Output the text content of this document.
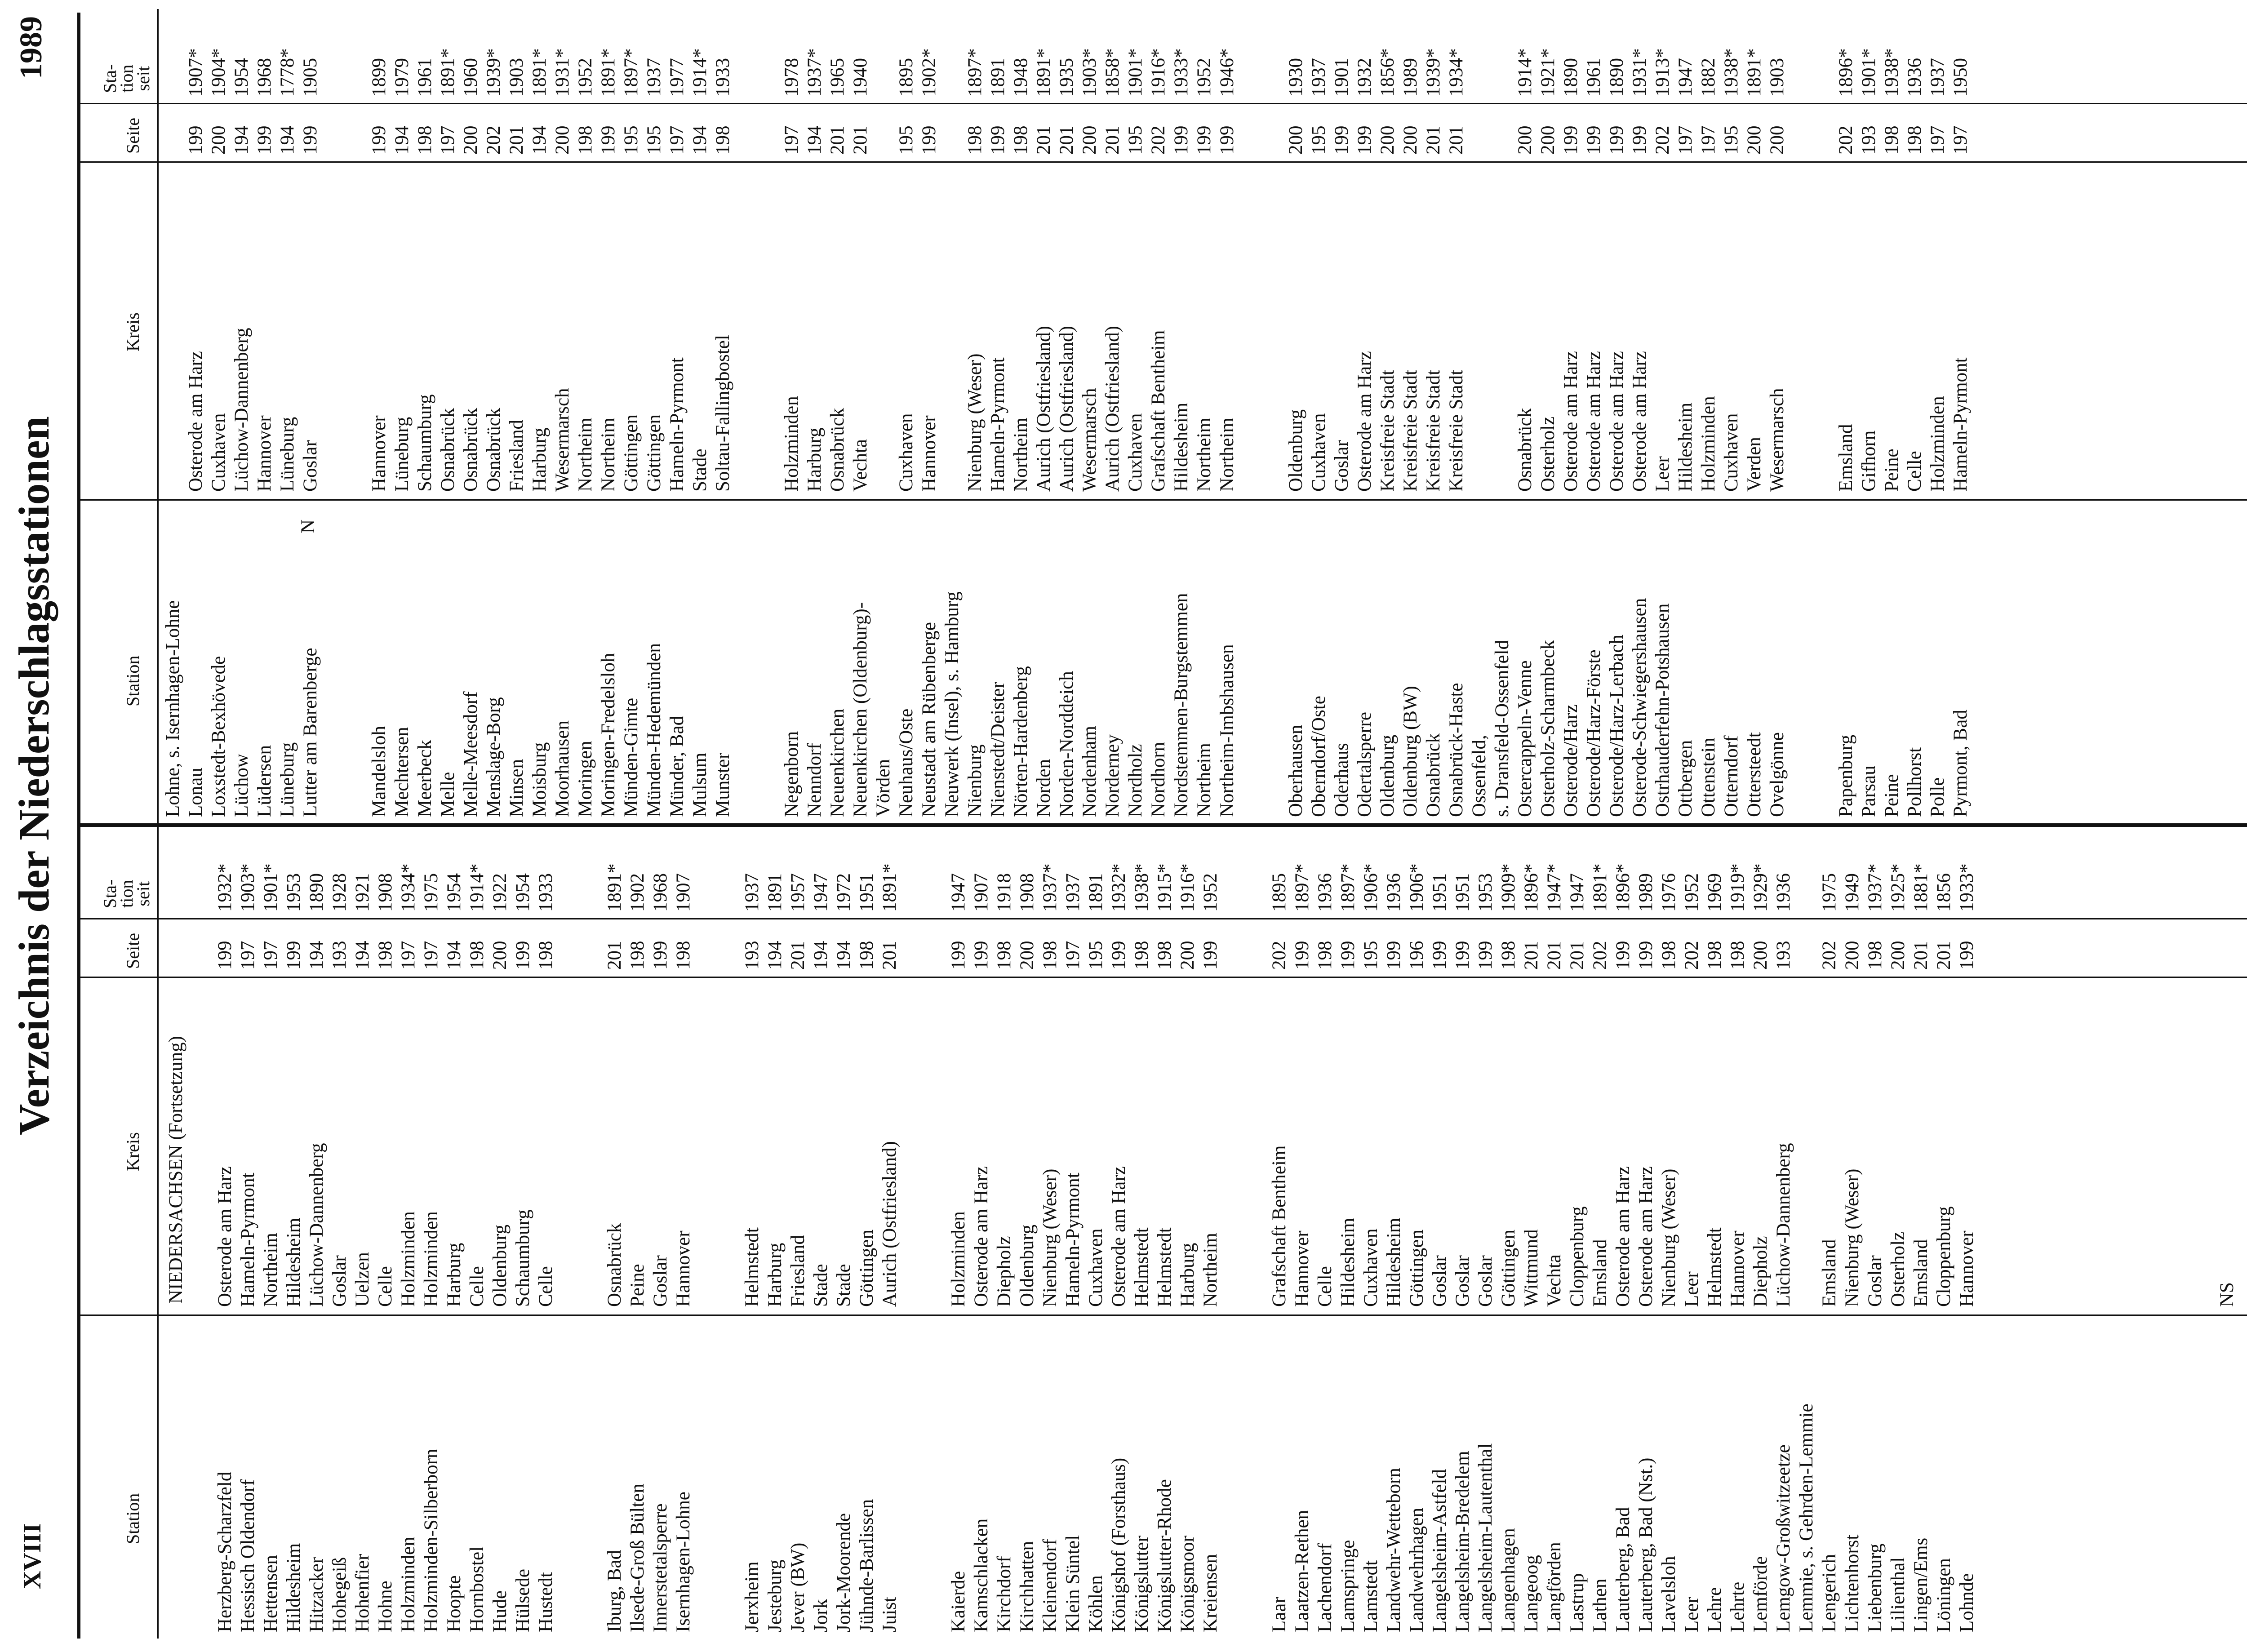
XVIII
Verzeichnis der Niederschlagsstationen
1989
Station
Kreis
Seite
Sta-
tion
seit
NIEDERSACHSEN (Fortsetzung)
Herzberg-Scharzfeld
Osterode am Harz
199
1932*
Hessisch Oldendorf
Hameln-Pyrmont
197
1903*
Hettensen
Northeim
197
1901*
Hildesheim
Hildesheim
199
1953
Hitzacker
Lüchow-Dannenberg
194
1890
Hohegeiß
Goslar
193
1928
Hohenfier
Uelzen
194
1921
Hohne
Celle
198
1908
Holzminden
Holzminden
197
1934*
Holzminden-Silberborn
Holzminden
197
1975
Hoopte
Harburg
194
1954
Hornbostel
Celle
198
1914*
Hude
Oldenburg
200
1922
Hülsede
Schaumburg
199
1954
Hustedt
Celle
198
1933
Iburg, Bad
Osnabrück
201
1891*
Ilsede-Groß Bülten
Peine
198
1902
Innerstetalsperre
Goslar
199
1968
Isernhagen-Lohne
Hannover
198
1907
Jerxheim
Helmstedt
193
1937
Jesteburg
Harburg
194
1891
Jever (BW)
Friesland
201
1957
Jork
Stade
194
1947
Jork-Moorende
Stade
194
1972
Jühnde-Barlissen
Göttingen
198
1951
Juist
Aurich (Ostfriesland)
201
1891*
Kaierde
Holzminden
199
1947
Kamschlacken
Osterode am Harz
199
1907
Kirchdorf
Diepholz
198
1918
Kirchhatten
Oldenburg
200
1908
Kleinendorf
Nienburg (Weser)
198
1937*
Klein Süntel
Hameln-Pyrmont
197
1937
Köhlen
Cuxhaven
195
1891
Königshof (Forsthaus)
Osterode am Harz
199
1932*
Königslutter
Helmstedt
198
1938*
Königslutter-Rhode
Helmstedt
198
1915*
Königsmoor
Harburg
200
1916*
Kreiensen
Northeim
199
1952
Laar
Grafschaft Bentheim
202
1895
Laatzen-Rethen
Hannover
199
1897*
Lachendorf
Celle
198
1936
Lamspringe
Hildesheim
199
1897*
Lamstedt
Cuxhaven
195
1906*
Landwehr-Wetteborn
Hildesheim
199
1936
Landwehrhagen
Göttingen
196
1906*
Langelsheim-Astfeld
Goslar
199
1951
Langelsheim-Bredelem
Goslar
199
1951
Langelsheim-Lautenthal
Goslar
199
1953
Langenhagen
Göttingen
198
1909*
Langeoog
Wittmund
201
1896*
Langförden
Vechta
201
1947*
Lastrup
Cloppenburg
201
1947
Lathen
Emsland
202
1891*
Lauterberg, Bad
Osterode am Harz
199
1896*
Lauterberg, Bad (Nst.)
Osterode am Harz
199
1989
Lavelsloh
Nienburg (Weser)
198
1976
Leer
Leer
202
1952
Lehre
Helmstedt
198
1969
Lehrte
Hannover
198
1919*
Lemförde
Diepholz
200
1929*
Lemgow-Großwitzeetze
Lüchow-Dannenberg
193
1936
Lemmie, s. Gehrden-Lemmie Lengerich
Emsland
202
1975
Lichtenhorst
Nienburg (Weser)
200
1949
Liebenburg
Goslar
198
1937*
Lilienthal
Osterholz
200
1925*
Lingen/Ems
Emsland
201
1881*
Löningen
Cloppenburg
201
1856
Lohnde
Hannover
199
1933*
NS
Station
Kreis
Seite
Sta-
tion
seit
Lohne, s. Isernhagen-Lohne Lonau
Osterode am Harz
199
1907*
Loxstedt-Bexhövede
Cuxhaven
200
1904*
Lüchow
Lüchow-Dannenberg
194
1954
Lüdersen
Hannover
199
1968
Lüneburg
Lüneburg
194
1778*
Lutter am Barenberge
Goslar
199
1905
Mandelsloh
Hannover
199
1899
Mechtersen
Lüneburg
194
1979
Meerbeck
Schaumburg
198
1961
Melle
Osnabrück
197
1891*
Melle-Meesdorf
Osnabrück
200
1960
Menslage-Borg
Osnabrück
202
1939*
Minsen
Friesland
201
1903
Moisburg
Harburg
194
1891*
Moorhausen
Wesermarsch
200
1931*
Moringen
Northeim
198
1952
Moringen-Fredelsloh
Northeim
199
1891*
Münden-Gimte
Göttingen
195
1897*
Münden-Hedemünden
Göttingen
195
1937
Münder, Bad
Hameln-Pyrmont
197
1977
Mulsum
Stade
194
1914*
Munster
Soltau-Fallingbostel
198
1933
Negenborn
Holzminden
197
1978
Nenndorf
Harburg
194
1937*
Neuenkirchen
Osnabrück
201
1965
Neuenkirchen (Oldenburg)-
Vechta
201
1940
Vörden Neuhaus/Oste
Cuxhaven
195
1895
Neustadt am Rübenberge
Hannover
199
1902*
Neuwerk (Insel), s. Hamburg Nienburg
Nienburg (Weser)
198
1897*
Nienstedt/Deister
Hameln-Pyrmont
199
1891
Nörten-Hardenberg
Northeim
198
1948
Norden
Aurich (Ostfriesland)
201
1891*
Norden-Norddeich
Aurich (Ostfriesland)
201
1935
Nordenham
Wesermarsch
200
1903*
Norderney
Aurich (Ostfriesland)
201
1858*
Nordholz
Cuxhaven
195
1901*
Nordhorn
Grafschaft Bentheim
202
1916*
Nordstemmen-Burgstemmen
Hildesheim
199
1933*
Northeim
Northeim
199
1952
Northeim-Imbshausen
Northeim
199
1946*
Oberhausen
Oldenburg
200
1930
Oberndorf/Oste
Cuxhaven
195
1937
Oderhaus
Goslar
199
1901
Odertalsperre
Osterode am Harz
199
1932
Oldenburg
Kreisfreie Stadt
200
1856*
Oldenburg (BW)
Kreisfreie Stadt
200
1989
Osnabrück
Kreisfreie Stadt
201
1939*
Osnabrück-Haste
Kreisfreie Stadt
201
1934*
Ossenfeld, s. Dransfeld-Ossenfeld Ostercappeln-Venne
Osnabrück
200
1914*
Osterholz-Scharmbeck
Osterholz
200
1921*
Osterode/Harz
Osterode am Harz
199
1890
Osterode/Harz-Förste
Osterode am Harz
199
1961
Osterode/Harz-Lerbach
Osterode am Harz
199
1890
Osterode-Schwiegershausen
Osterode am Harz
199
1931*
Ostrhauderfehn-Potshausen
Leer
202
1913*
Ottbergen
Hildesheim
197
1947
Ottenstein
Holzminden
197
1882
Otterndorf
Cuxhaven
195
1938*
Ottersteedt
Verden
200
1891*
Ovelgönne
Wesermarsch
200
1903
Papenburg
Emsland
202
1896*
Parsau
Gifhorn
193
1901*
Peine
Peine
198
1938*
Pollhorst
Celle
198
1936
Polle
Holzminden
197
1937
Pyrmont, Bad
Hameln-Pyrmont
197
1950
N
